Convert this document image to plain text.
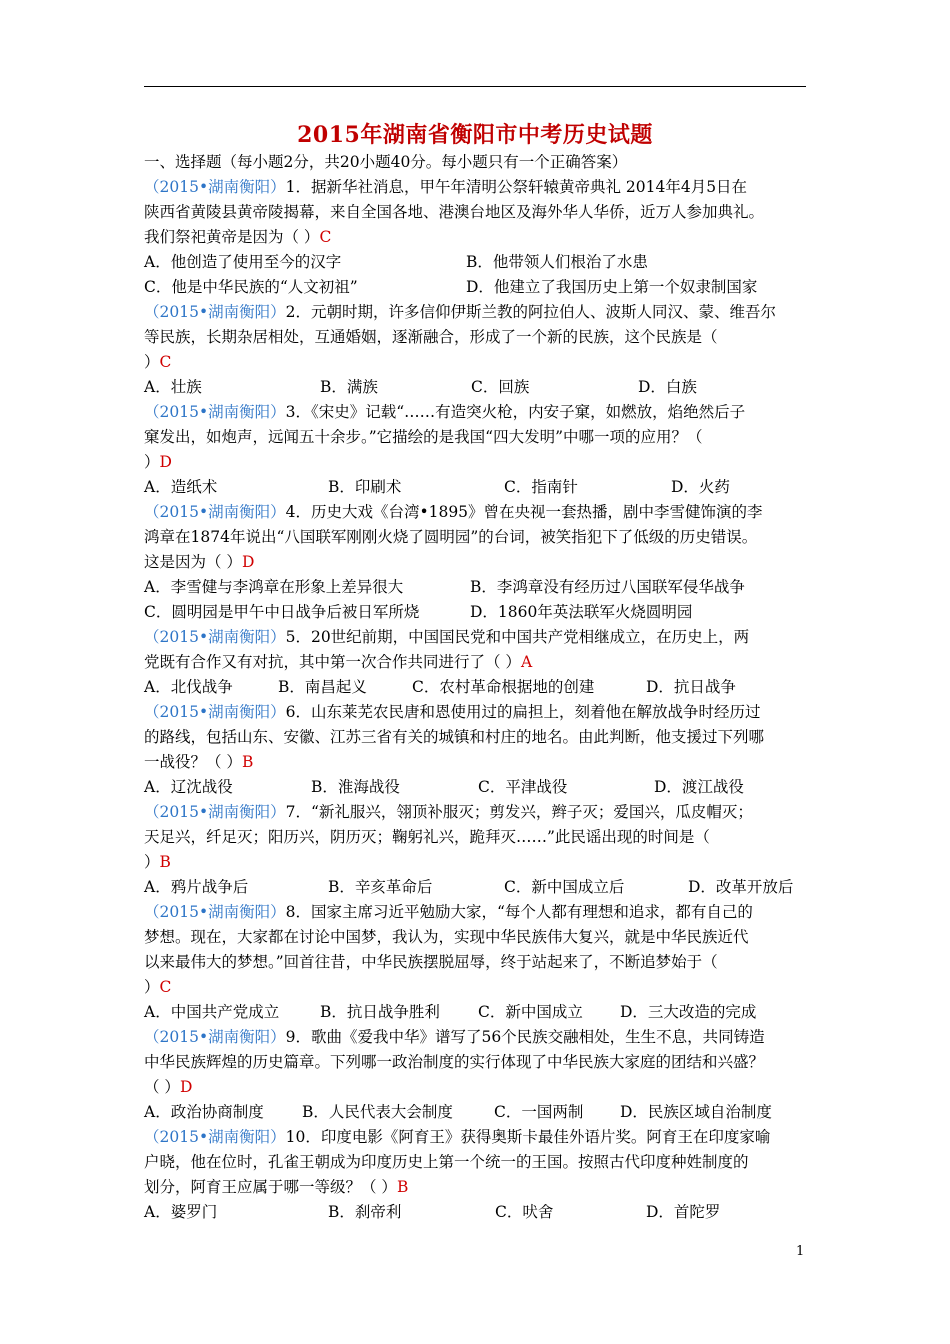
2015年湖南省衡阳市中考历史试题
一、选择题（每小题2分，共20小题40分。每小题只有一个正确答案）
（2015•湖南衡阳）1．据新华社消息，甲午年清明公祭轩辕黄帝典礼 2014年4月5日在
陕西省黄陵县黄帝陵揭幕，来自全国各地、港澳台地区及海外华人华侨，近万人参加典礼。
我们祭祀黄帝是因为（ ）C
A．他创造了使用至今的汉字	B．他带领人们根治了水患
C．他是中华民族的“人文初祖”	D．他建立了我国历史上第一个奴隶制国家
（2015•湖南衡阳）2．元朝时期，许多信仰伊斯兰教的阿拉伯人、波斯人同汉、蒙、维吾尔
等民族，长期杂居相处，互通婚姻，逐渐融合，形成了一个新的民族，这个民族是（
）C
A．壮族	B．满族	C．回族	D．白族
（2015•湖南衡阳）3．《宋史》记载“……有造突火枪，内安子窠，如燃放，焰绝然后子
窠发出，如炮声，远闻五十余步。”它描绘的是我国“四大发明”中哪一项的应用？（
）D
A．造纸术	B．印刷术	C．指南针	D．火药
（2015•湖南衡阳）4．历史大戏《台湾•1895》曾在央视一套热播，剧中李雪健饰演的李
鸿章在1874年说出“八国联军刚刚火烧了圆明园”的台词，被笑指犯下了低级的历史错误。
这是因为（ ）D
A．李雪健与李鸿章在形象上差异很大	B．李鸿章没有经历过八国联军侵华战争
C．圆明园是甲午中日战争后被日军所烧	D．1860年英法联军火烧圆明园
（2015•湖南衡阳）5．20世纪前期，中国国民党和中国共产党相继成立，在历史上，两
党既有合作又有对抗，其中第一次合作共同进行了（ ）A
A．北伐战争	B．南昌起义	C．农村革命根据地的创建	D．抗日战争
（2015•湖南衡阳）6．山东莱芜农民唐和恩使用过的扁担上，刻着他在解放战争时经历过
的路线，包括山东、安徽、江苏三省有关的城镇和村庄的地名。由此判断，他支援过下列哪
一战役？（ ）B
A．辽沈战役	B．淮海战役	C．平津战役	D．渡江战役
（2015•湖南衡阳）7．“新礼服兴，翎顶补服灭；剪发兴，辫子灭；爱国兴，瓜皮帽灭；
天足兴，纤足灭；阳历兴，阴历灭；鞠躬礼兴，跪拜灭……”此民谣出现的时间是（
）B
A．鸦片战争后	B．辛亥革命后	C．新中国成立后	D．改革开放后
（2015•湖南衡阳）8．国家主席习近平勉励大家，“每个人都有理想和追求，都有自己的
梦想。现在，大家都在讨论中国梦，我认为，实现中华民族伟大复兴，就是中华民族近代
以来最伟大的梦想。”回首往昔，中华民族摆脱屈辱，终于站起来了，不断追梦始于（
）C
A．中国共产党成立	B．抗日战争胜利	C．新中国成立	D．三大改造的完成
（2015•湖南衡阳）9．歌曲《爱我中华》谱写了56个民族交融相处，生生不息，共同铸造
中华民族辉煌的历史篇章。下列哪一政治制度的实行体现了中华民族大家庭的团结和兴盛？
（ ）D
A．政治协商制度	B．人民代表大会制度	C．一国两制	D．民族区域自治制度
（2015•湖南衡阳）10．印度电影《阿育王》获得奥斯卡最佳外语片奖。阿育王在印度家喻
户晓，他在位时，孔雀王朝成为印度历史上第一个统一的王国。按照古代印度种姓制度的
划分，阿育王应属于哪一等级？（ ）B
A．婆罗门	B．刹帝利	C．吠舍	D．首陀罗
1
